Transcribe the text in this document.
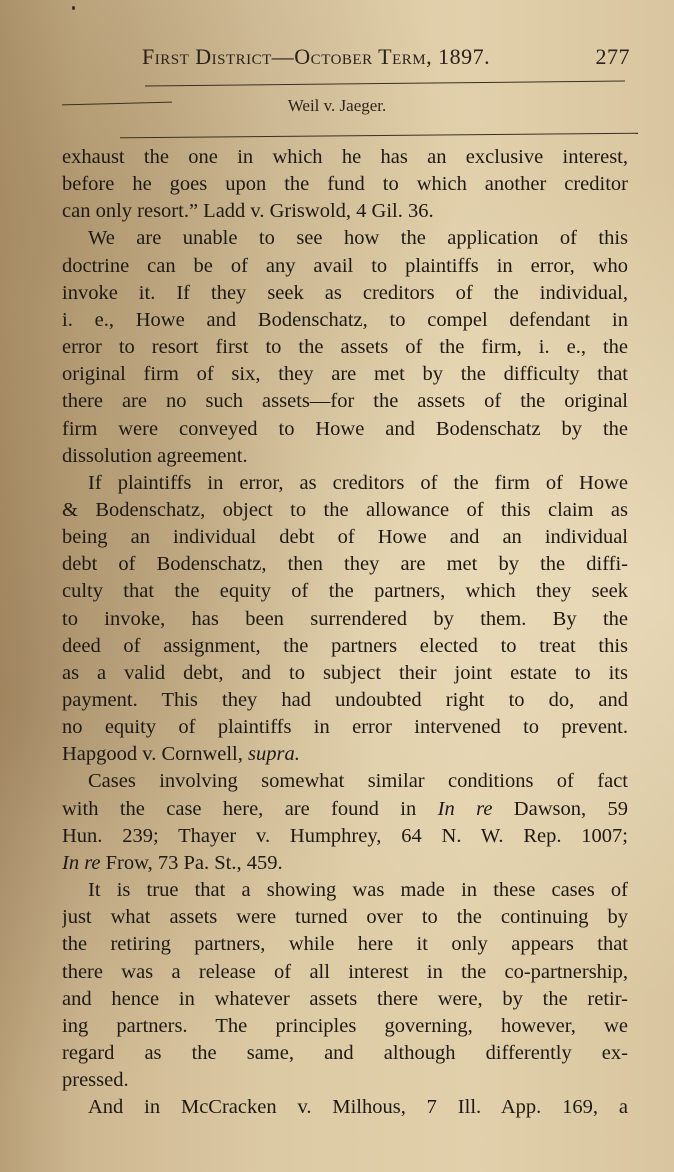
First District—October Term, 1897.	277
Weil v. Jaeger.
exhaust the one in which he has an exclusive interest,
before he goes upon the fund to which another creditor
can only resort.” Ladd v. Griswold, 4 Gil. 36.
We are unable to see how the application of this
doctrine can be of any avail to plaintiffs in error, who
invoke it. If they seek as creditors of the individual,
i. e., Howe and Bodenschatz, to compel defendant in
error to resort first to the assets of the firm, i. e., the
original firm of six, they are met by the difficulty that
there are no such assets—for the assets of the original
firm were conveyed to Howe and Bodenschatz by the
dissolution agreement.
If plaintiffs in error, as creditors of the firm of Howe
& Bodenschatz, object to the allowance of this claim as
being an individual debt of Howe and an individual
debt of Bodenschatz, then they are met by the diffi-
culty that the equity of the partners, which they seek
to invoke, has been surrendered by them. By the
deed of assignment, the partners elected to treat this
as a valid debt, and to subject their joint estate to its
payment. This they had undoubted right to do, and
no equity of plaintiffs in error intervened to prevent.
Hapgood v. Cornwell, supra.
Cases involving somewhat similar conditions of fact
with the case here, are found in In re Dawson, 59
Hun. 239; Thayer v. Humphrey, 64 N. W. Rep. 1007;
In re Frow, 73 Pa. St., 459.
It is true that a showing was made in these cases of
just what assets were turned over to the continuing by
the retiring partners, while here it only appears that
there was a release of all interest in the co-partnership,
and hence in whatever assets there were, by the retir-
ing partners. The principles governing, however, we
regard as the same, and although differently ex-
pressed.
And in McCracken v. Milhous, 7 Ill. App. 169, a
